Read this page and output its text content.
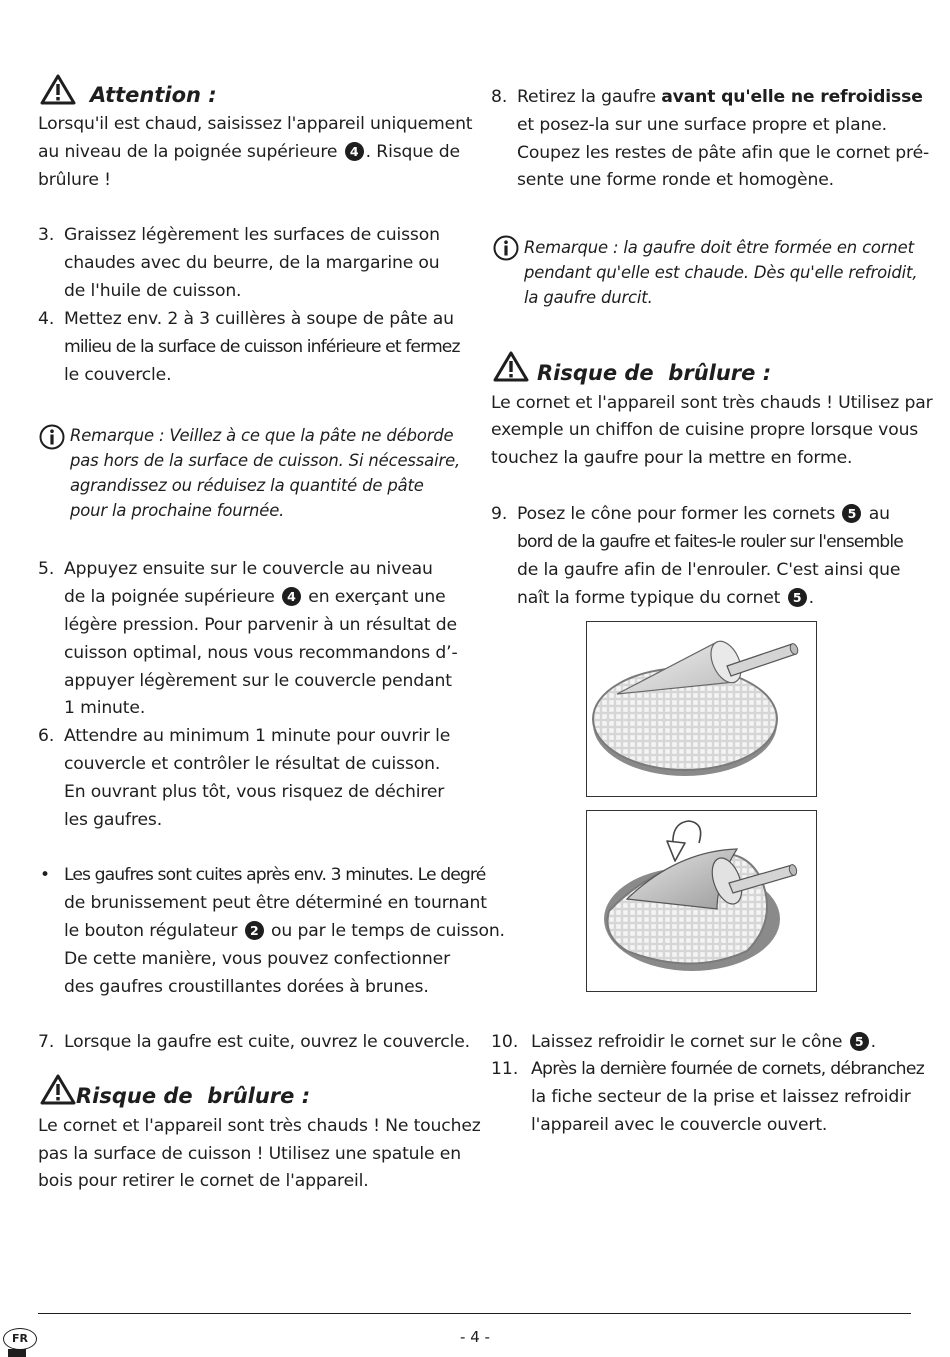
Attention :
Lorsqu'il est chaud, saisissez l'appareil uniquement
au niveau de la poignée supérieure 4 . Risque de
brûlure !
3. Graissez légèrement les surfaces de cuisson
chaudes avec du beurre, de la margarine ou
de l'huile de cuisson.
4. Mettez env. 2 à 3 cuillères à soupe de pâte au
milieu de la surface de cuisson inférieure et fermez
le couvercle.
Remarque : Veillez à ce que la pâte ne déborde
pas hors de la surface de cuisson. Si nécessaire,
agrandissez ou réduisez la quantité de pâte
pour la prochaine fournée.
5. Appuyez ensuite sur le couvercle au niveau
de la poignée supérieure 4 en exerçant une
légère pression. Pour parvenir à un résultat de
cuisson optimal, nous vous recommandons d’-
appuyer légèrement sur le couvercle pendant
1 minute.
6. Attendre au minimum 1 minute pour ouvrir le
couvercle et contrôler le résultat de cuisson.
En ouvrant plus tôt, vous risquez de déchirer
les gaufres.
• Les gaufres sont cuites après env. 3 minutes. Le degré
de brunissement peut être déterminé en tournant
le bouton régulateur 2 ou par le temps de cuisson.
De cette manière, vous pouvez confectionner
des gaufres croustillantes dorées à brunes.
7. Lorsque la gaufre est cuite, ouvrez le couvercle.
Risque de  brûlure :
Le cornet et l'appareil sont très chauds ! Ne touchez
pas la surface de cuisson ! Utilisez une spatule en
bois pour retirer le cornet de l'appareil.
8. Retirez la gaufre avant qu'elle ne refroidisse
et posez-la sur une surface propre et plane.
Coupez les restes de pâte afin que le cornet pré-
sente une forme ronde et homogène.
Remarque : la gaufre doit être formée en cornet
pendant qu'elle est chaude. Dès qu'elle refroidit,
la gaufre durcit.
Risque de  brûlure :
Le cornet et l'appareil sont très chauds ! Utilisez par
exemple un chiffon de cuisine propre lorsque vous
touchez la gaufre pour la mettre en forme.
9. Posez le cône pour former les cornets 5 au
bord de la gaufre et faites-le rouler sur l'ensemble
de la gaufre afin de l'enrouler. C'est ainsi que
naît la forme typique du cornet 5 .
10. Laissez refroidir le cornet sur le cône 5 .
11. Après la dernière fournée de cornets, débranchez
la fiche secteur de la prise et laissez refroidir
l'appareil avec le couvercle ouvert.
FR	- 4 -
